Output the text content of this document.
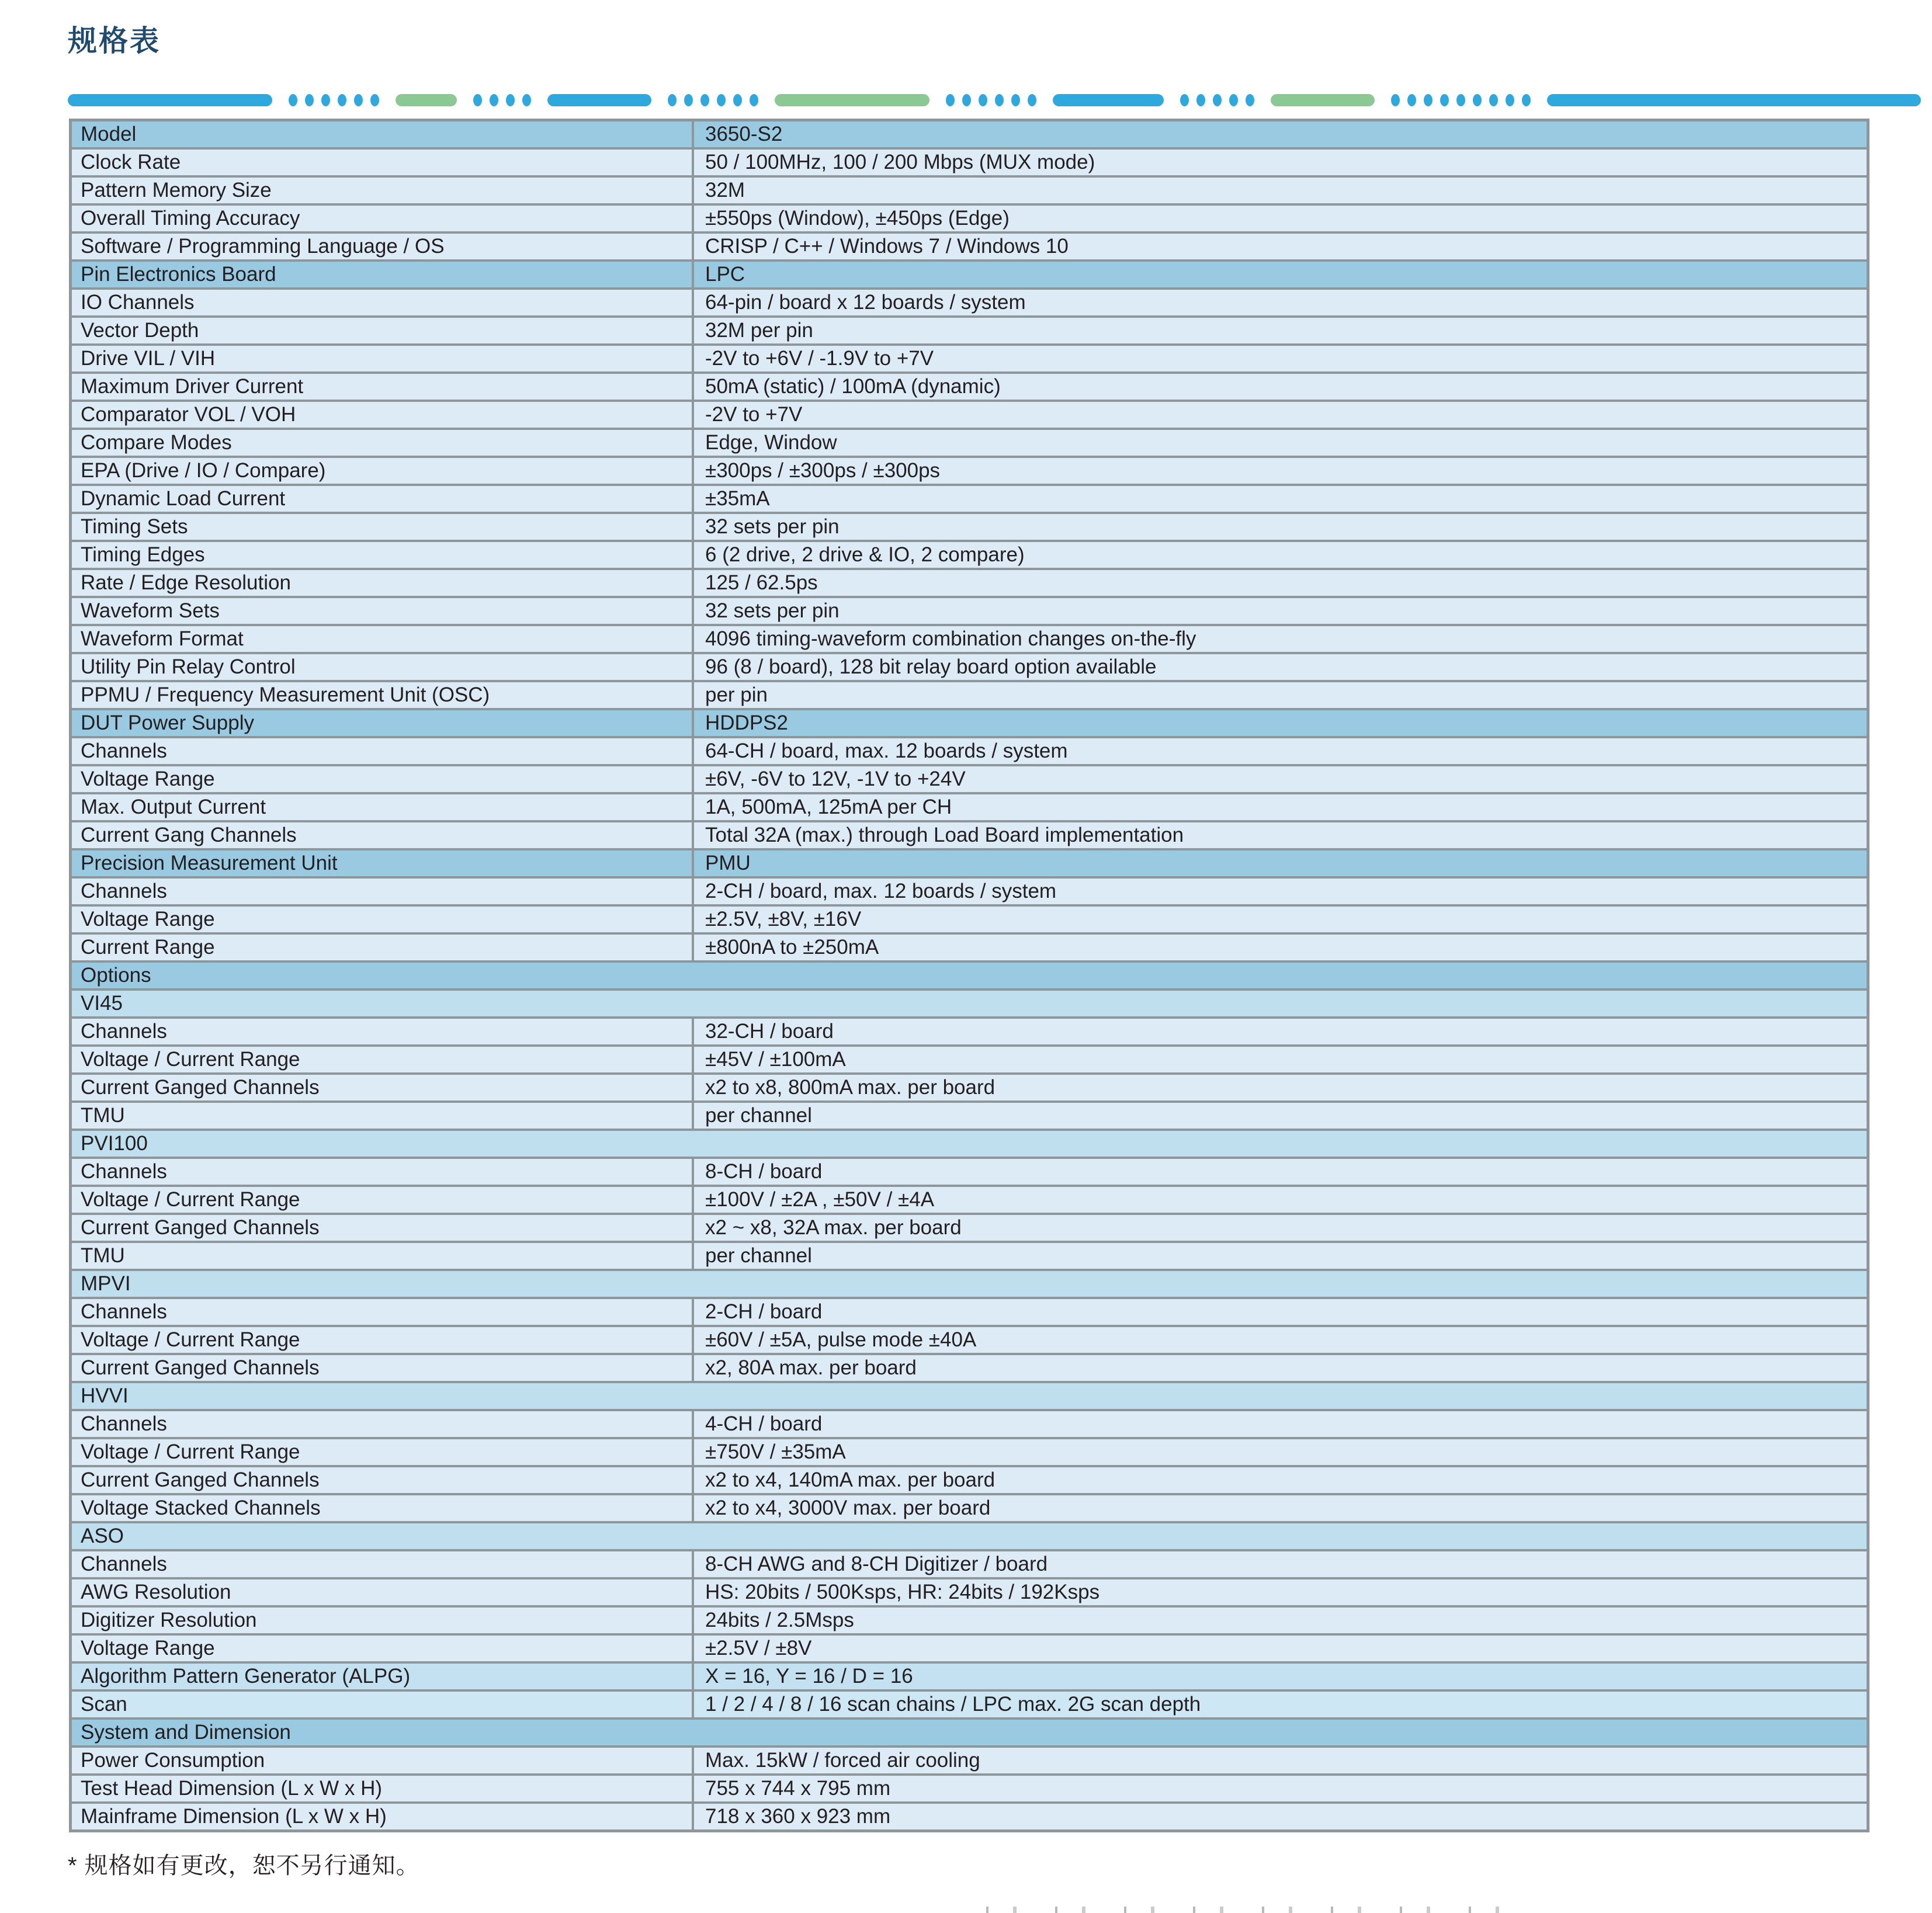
规格表
Model	3650-S2
Clock Rate	50 / 100MHz, 100 / 200 Mbps (MUX mode)
Pattern Memory Size	32M
Overall Timing Accuracy	±550ps (Window), ±450ps (Edge)
Software / Programming Language / OS	CRISP / C++ / Windows 7 / Windows 10
Pin Electronics Board	LPC
IO Channels	64-pin / board x 12 boards / system
Vector Depth	32M per pin
Drive VIL / VIH	-2V to +6V / -1.9V to +7V
Maximum Driver Current	50mA (static) / 100mA (dynamic)
Comparator VOL / VOH	-2V to +7V
Compare Modes	Edge, Window
EPA (Drive / IO / Compare)	±300ps / ±300ps / ±300ps
Dynamic Load Current	±35mA
Timing Sets	32 sets per pin
Timing Edges	6 (2 drive, 2 drive & IO, 2 compare)
Rate / Edge Resolution	125 / 62.5ps
Waveform Sets	32 sets per pin
Waveform Format	4096 timing-waveform combination changes on-the-fly
Utility Pin Relay Control	96 (8 / board), 128 bit relay board option available
PPMU / Frequency Measurement Unit (OSC)	per pin
DUT Power Supply	HDDPS2
Channels	64-CH / board, max. 12 boards / system
Voltage Range	±6V, -6V to 12V, -1V to +24V
Max. Output Current	1A, 500mA, 125mA per CH
Current Gang Channels	Total 32A (max.) through Load Board implementation
Precision Measurement Unit	PMU
Channels	2-CH / board, max. 12 boards / system
Voltage Range	±2.5V, ±8V, ±16V
Current Range	±800nA to ±250mA
Options
VI45
Channels	32-CH / board
Voltage / Current Range	±45V / ±100mA
Current Ganged Channels	x2 to x8, 800mA max. per board
TMU	per channel
PVI100
Channels	8-CH / board
Voltage / Current Range	±100V / ±2A , ±50V / ±4A
Current Ganged Channels	x2 ~ x8, 32A max. per board
TMU	per channel
MPVI
Channels	2-CH / board
Voltage / Current Range	±60V / ±5A, pulse mode ±40A
Current Ganged Channels	x2, 80A max. per board
HVVI
Channels	4-CH / board
Voltage / Current Range	±750V / ±35mA
Current Ganged Channels	x2 to x4, 140mA max. per board
Voltage Stacked Channels	x2 to x4, 3000V max. per board
ASO
Channels	8-CH AWG and 8-CH Digitizer / board
AWG Resolution	HS: 20bits / 500Ksps, HR: 24bits / 192Ksps
Digitizer Resolution	24bits / 2.5Msps
Voltage Range	±2.5V / ±8V
Algorithm Pattern Generator (ALPG)	X = 16, Y = 16 / D = 16
Scan	1 / 2 / 4 / 8 / 16 scan chains / LPC max. 2G scan depth
System and Dimension
Power Consumption	Max. 15kW / forced air cooling
Test Head Dimension (L x W x H)	755 x 744 x 795 mm
Mainframe Dimension (L x W x H)	718 x 360 x 923 mm
* 规格如有更改，恕不另行通知。
